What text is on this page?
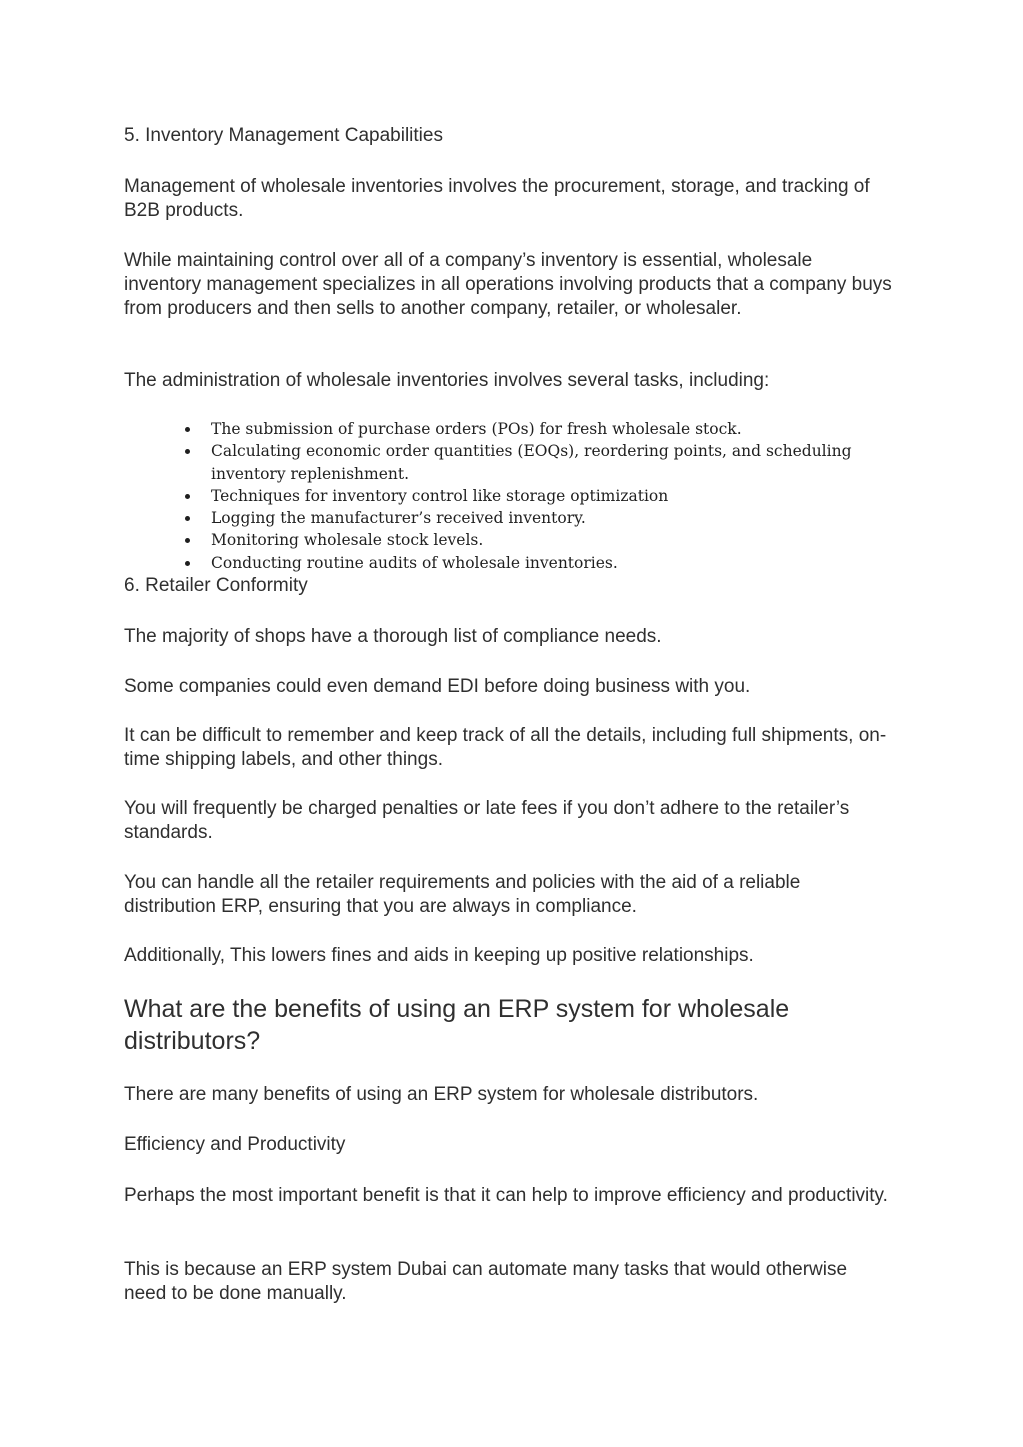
5. Inventory Management Capabilities

Management of wholesale inventories involves the procurement, storage, and tracking of B2B products.

While maintaining control over all of a company’s inventory is essential, wholesale inventory management specializes in all operations involving products that a company buys from producers and then sells to another company, retailer, or wholesaler.

The administration of wholesale inventories involves several tasks, including:

The submission of purchase orders (POs) for fresh wholesale stock.
Calculating economic order quantities (EOQs), reordering points, and scheduling inventory replenishment.
Techniques for inventory control like storage optimization
Logging the manufacturer’s received inventory.
Monitoring wholesale stock levels.
Conducting routine audits of wholesale inventories.

6. Retailer Conformity

The majority of shops have a thorough list of compliance needs.

Some companies could even demand EDI before doing business with you.

It can be difficult to remember and keep track of all the details, including full shipments, on-time shipping labels, and other things.

You will frequently be charged penalties or late fees if you don’t adhere to the retailer’s standards.

You can handle all the retailer requirements and policies with the aid of a reliable distribution ERP, ensuring that you are always in compliance.

Additionally, This lowers fines and aids in keeping up positive relationships.

What are the benefits of using an ERP system for wholesale distributors?

There are many benefits of using an ERP system for wholesale distributors.

Efficiency and Productivity

Perhaps the most important benefit is that it can help to improve efficiency and productivity.

This is because an ERP system Dubai can automate many tasks that would otherwise need to be done manually.
